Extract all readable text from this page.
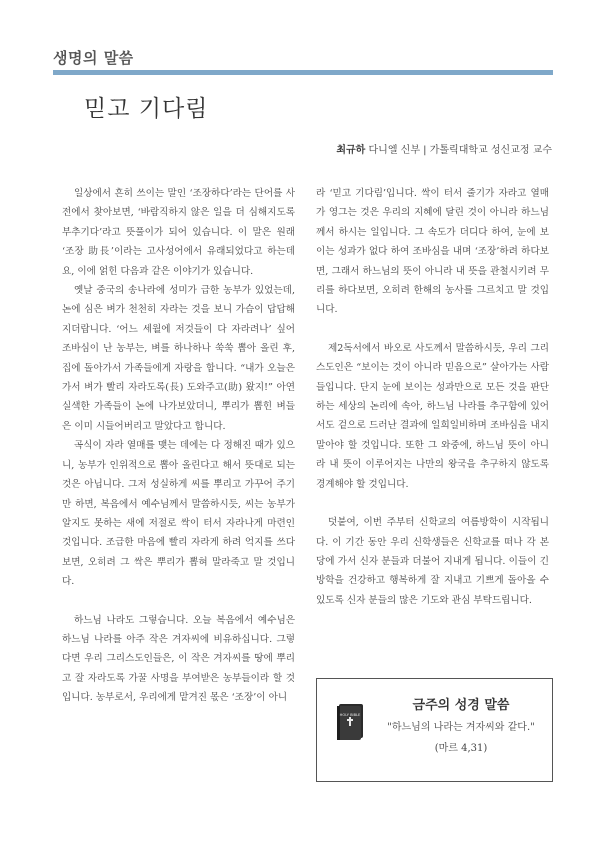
생명의 말씀
믿고 기다림
최규하 다니엘 신부 | 가톨릭대학교 성신교정 교수

일상에서 흔히 쓰이는 말인 ‘조장하다’라는 단어를 사전에서 찾아보면, ‘바람직하지 않은 일을 더 심해지도록 부추기다’라고 뜻풀이가 되어 있습니다. 이 말은 원래 ‘조장 助長’이라는 고사성어에서 유래되었다고 하는데요, 이에 얽힌 다음과 같은 이야기가 있습니다.

옛날 중국의 송나라에 성미가 급한 농부가 있었는데, 논에 심은 벼가 천천히 자라는 것을 보니 가슴이 답답해지더랍니다. ‘어느 세월에 저것들이 다 자라려나’ 싶어 조바심이 난 농부는, 벼를 하나하나 쑥쑥 뽑아 올린 후, 집에 돌아가서 가족들에게 자랑을 합니다. “내가 오늘은 가서 벼가 빨리 자라도록(長) 도와주고(助) 왔지!” 아연실색한 가족들이 논에 나가보았더니, 뿌리가 뽑힌 벼들은 이미 시들어버리고 말았다고 합니다.

곡식이 자라 열매를 맺는 데에는 다 정해진 때가 있으니, 농부가 인위적으로 뽑아 올린다고 해서 뜻대로 되는 것은 아닙니다. 그저 성실하게 씨를 뿌리고 가꾸어 주기만 하면, 복음에서 예수님께서 말씀하시듯, 씨는 농부가 알지도 못하는 새에 저절로 싹이 터서 자라나게 마련인 것입니다. 조급한 마음에 빨리 자라게 하려 억지를 쓰다보면, 오히려 그 싹은 뿌리가 뽑혀 말라죽고 말 것입니다.

하느님 나라도 그렇습니다. 오늘 복음에서 예수님은 하느님 나라를 아주 작은 겨자씨에 비유하십니다. 그렇다면 우리 그리스도인들은, 이 작은 겨자씨를 땅에 뿌리고 잘 자라도록 가꿀 사명을 부여받은 농부들이라 할 것입니다. 농부로서, 우리에게 맡겨진 몫은 ‘조장’이 아니

라 ‘믿고 기다림’입니다. 싹이 터서 줄기가 자라고 열매가 영그는 것은 우리의 지혜에 달린 것이 아니라 하느님께서 하시는 일입니다. 그 속도가 더디다 하여, 눈에 보이는 성과가 없다 하여 조바심을 내며 ‘조장’하려 하다보면, 그래서 하느님의 뜻이 아니라 내 뜻을 관철시키려 무리를 하다보면, 오히려 한해의 농사를 그르치고 말 것입니다.

제2독서에서 바오로 사도께서 말씀하시듯, 우리 그리스도인은 “보이는 것이 아니라 믿음으로” 살아가는 사람들입니다. 단지 눈에 보이는 성과만으로 모든 것을 판단하는 세상의 논리에 속아, 하느님 나라를 추구함에 있어서도 겉으로 드러난 결과에 일희일비하며 조바심을 내지 말아야 할 것입니다. 또한 그 와중에, 하느님 뜻이 아니라 내 뜻이 이루어지는 나만의 왕국을 추구하지 않도록 경계해야 할 것입니다.

덧붙여, 이번 주부터 신학교의 여름방학이 시작됩니다. 이 기간 동안 우리 신학생들은 신학교를 떠나 각 본당에 가서 신자 분들과 더불어 지내게 됩니다. 이들이 긴 방학을 건강하고 행복하게 잘 지내고 기쁘게 돌아올 수 있도록 신자 분들의 많은 기도와 관심 부탁드립니다.

HOLY BIBLE
금주의 성경 말씀
"하느님의 나라는 겨자씨와 같다."
(마르 4,31)
